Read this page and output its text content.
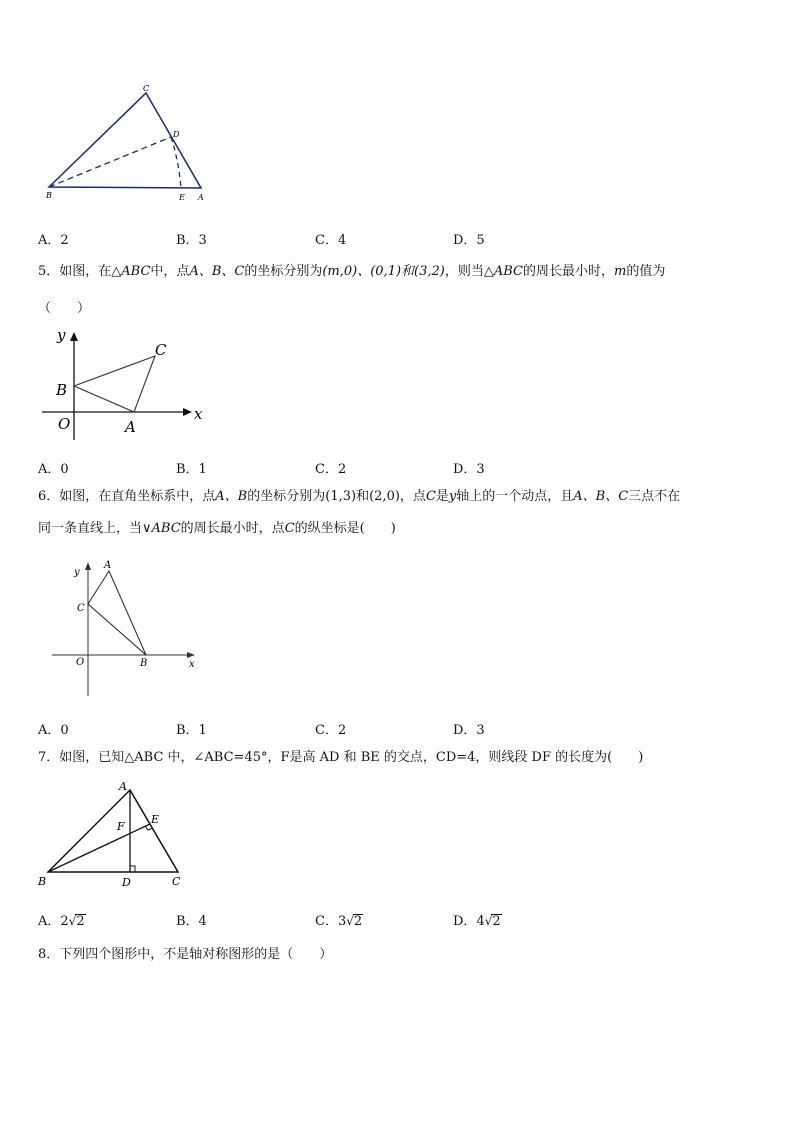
C
D
B	E A
A．2	B．3	C．4	D．5
5．如图，在△ABC中，点A、B、C的坐标分别为(m,0)、(0,1)和(3,2)，则当△ABC的周长最小时，m的值为
（　　）
y
x
B
C
O	A
A．0	B．1	C．2	D．3
6．如图，在直角坐标系中，点A、B的坐标分别为(1,3)和(2,0)，点C是y轴上的一个动点，且A、B、C三点不在
同一条直线上，当∨ABC的周长最小时，点C的纵坐标是(　　)
y
A
C
O	B	x
A．0	B．1	C．2	D．3
7．如图，已知△ABC 中，∠ABC=45°，F是高 AD 和 BE 的交点，CD=4，则线段 DF 的长度为(　　)
A
F
E
B	D	C
A．2√2	B．4	C．3√2	D．4√2
8．下列四个图形中，不是轴对称图形的是（　　）
